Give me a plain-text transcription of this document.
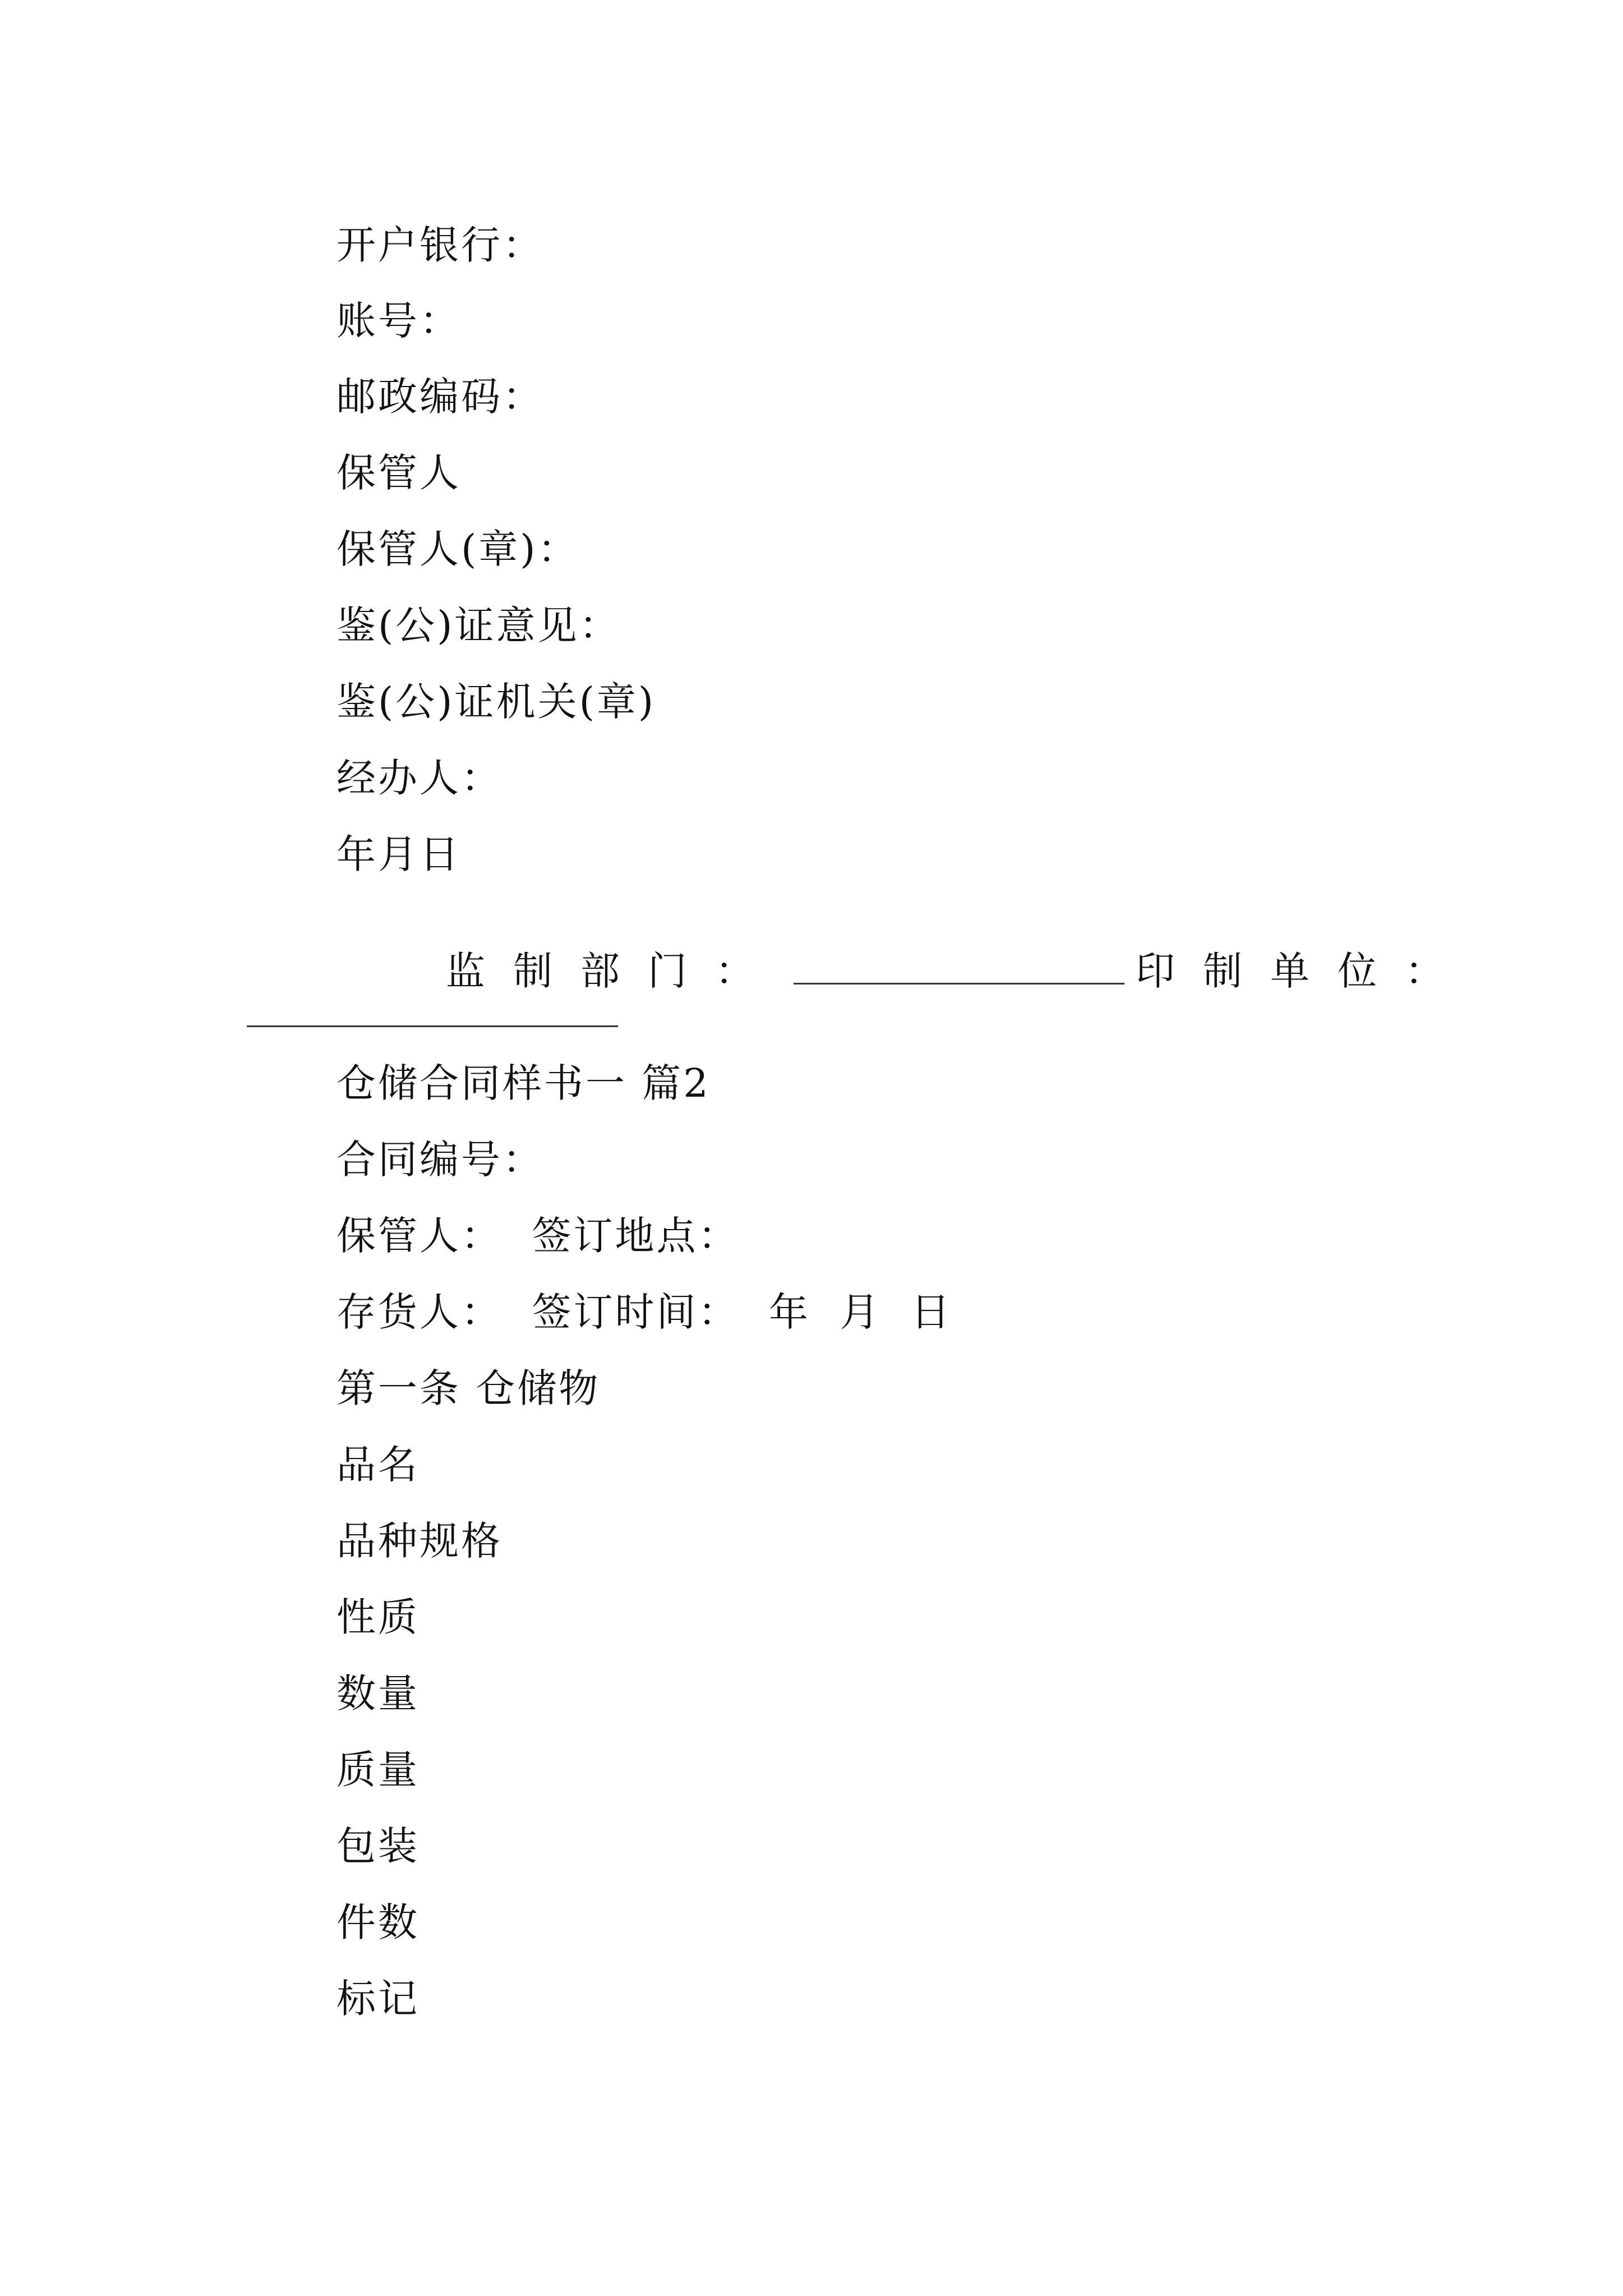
开户银行：
账号：
邮政编码：
保管人
保管人(章)：
鉴(公)证意见：
鉴(公)证机关(章)
经办人：
年月日

监制部门：	印制单位：

仓储合同样书一 篇2
合同编号：
保管人：  签订地点：
存货人：  签订时间：  年  月  日
第一条 仓储物
品名
品种规格
性质
数量
质量
包装
件数
标记
